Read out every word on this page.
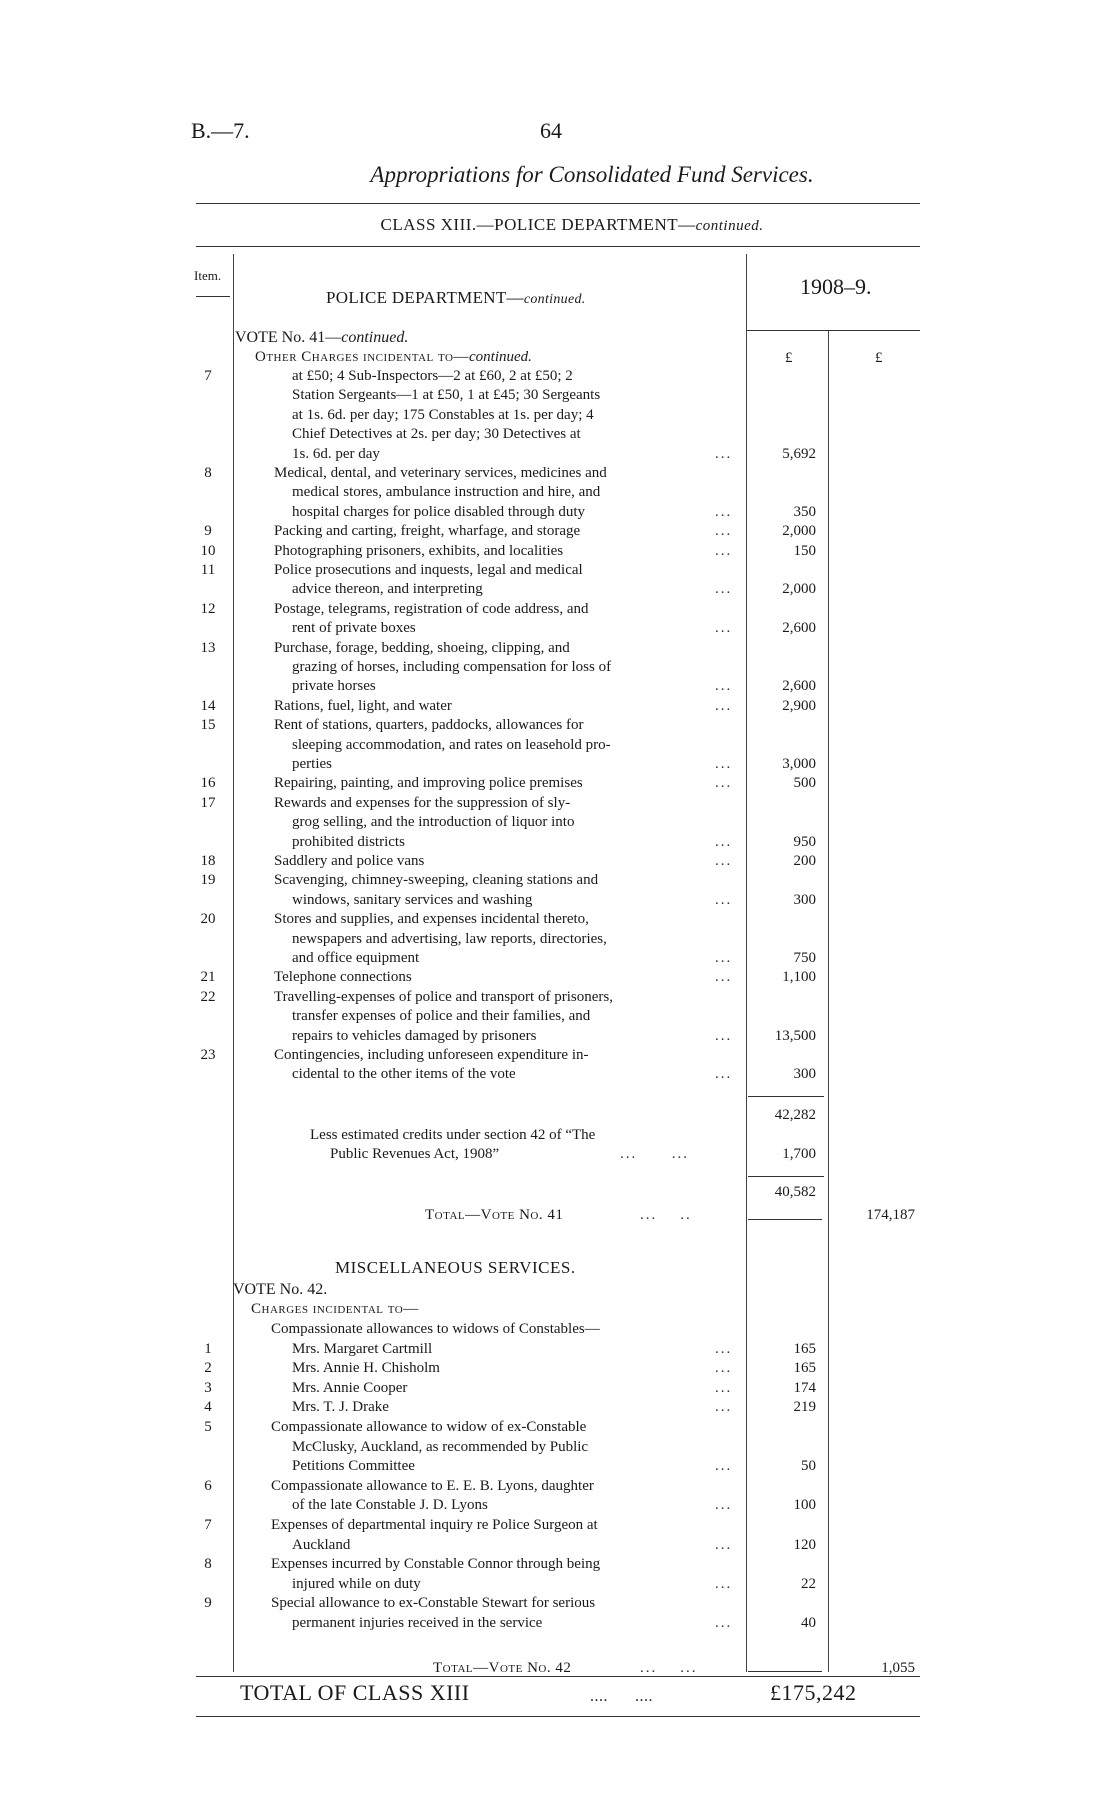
B.—7.	64
Appropriations for Consolidated Fund Services.
CLASS XIII.—POLICE DEPARTMENT—continued.
Item.
POLICE DEPARTMENT—continued.
1908–9.
£	£
VOTE No. 41—continued.
Other Charges incidental to—continued.
7	at £50; 4 Sub-Inspectors—2 at £60, 2 at £50; 2
Station Sergeants—1 at £50, 1 at £45; 30 Sergeants
at 1s. 6d. per day; 175 Constables at 1s. per day; 4
Chief Detectives at 2s. per day; 30 Detectives at
1s. 6d. per day	...	5,692
8	Medical, dental, and veterinary services, medicines and
medical stores, ambulance instruction and hire, and
hospital charges for police disabled through duty	...	350
9	Packing and carting, freight, wharfage, and storage	...	2,000
10	Photographing prisoners, exhibits, and localities	...	150
11	Police prosecutions and inquests, legal and medical
advice thereon, and interpreting	...	2,000
12	Postage, telegrams, registration of code address, and
rent of private boxes	...	2,600
13	Purchase, forage, bedding, shoeing, clipping, and
grazing of horses, including compensation for loss of
private horses	...	2,600
14	Rations, fuel, light, and water	...	2,900
15	Rent of stations, quarters, paddocks, allowances for
sleeping accommodation, and rates on leasehold pro-
perties	...	3,000
16	Repairing, painting, and improving police premises	...	500
17	Rewards and expenses for the suppression of sly-
grog selling, and the introduction of liquor into
prohibited districts	...	950
18	Saddlery and police vans	...	200
19	Scavenging, chimney-sweeping, cleaning stations and
windows, sanitary services and washing	...	300
20	Stores and supplies, and expenses incidental thereto,
newspapers and advertising, law reports, directories,
and office equipment	...	750
21	Telephone connections	...	1,100
22	Travelling-expenses of police and transport of prisoners,
transfer expenses of police and their families, and
repairs to vehicles damaged by prisoners	...	13,500
23	Contingencies, including unforeseen expenditure in-
cidental to the other items of the vote	...	300
42,282
Less estimated credits under section 42 of “The
Public Revenues Act, 1908”	...      ...	1,700
40,582
Total—Vote No. 41	...    ..	174,187
MISCELLANEOUS SERVICES.
VOTE No. 42.
Charges incidental to—
Compassionate allowances to widows of Constables—
1	Mrs. Margaret Cartmill	...	165
2	Mrs. Annie H. Chisholm	...	165
3	Mrs. Annie Cooper	...	174
4	Mrs. T. J. Drake	...	219
5	Compassionate allowance to widow of ex-Constable
McClusky, Auckland, as recommended by Public
Petitions Committee	...	50
6	Compassionate allowance to E. E. B. Lyons, daughter
of the late Constable J. D. Lyons	...	100
7	Expenses of departmental inquiry re Police Surgeon at
Auckland	...	120
8	Expenses incurred by Constable Connor through being
injured while on duty	...	22
9	Special allowance to ex-Constable Stewart for serious
permanent injuries received in the service	...	40
Total—Vote No. 42	...    ...	1,055
TOTAL OF CLASS XIII	....      ....	£175,242
